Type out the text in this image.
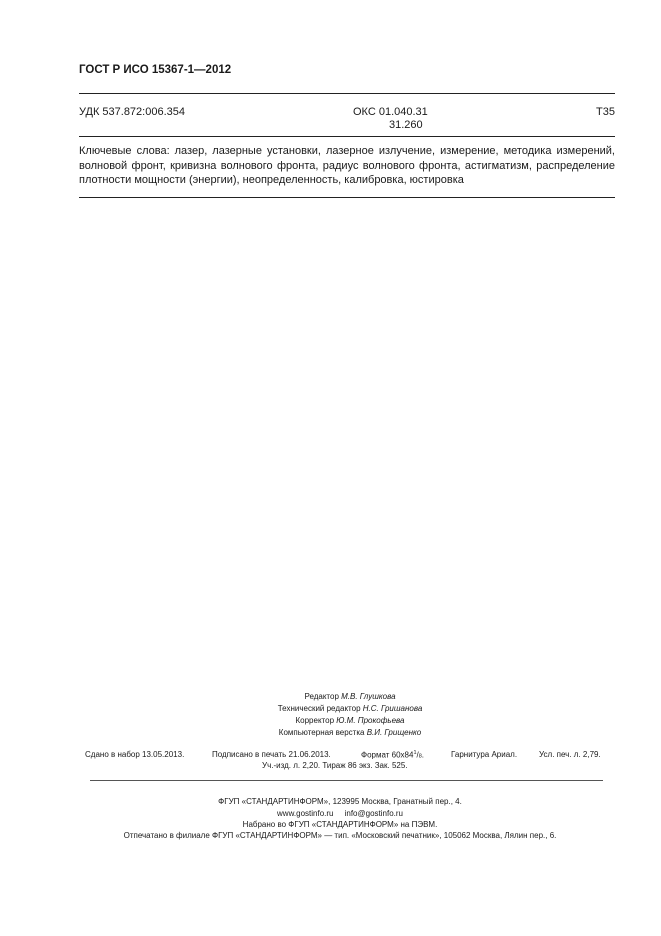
ГОСТ Р ИСО 15367-1—2012
УДК 537.872:006.354	ОКС 01.040.31
31.260
Т35
Ключевые слова: лазер, лазерные установки, лазерное излучение, измерение, методика измерений,
волновой фронт, кривизна волнового фронта, радиус волнового фронта, астигматизм, распределение
плотности мощности (энергии), неопределенность, калибровка, юстировка
Редактор М.В. Глушкова
Технический редактор Н.С. Гришанова
Корректор Ю.М. Прокофьева
Компьютерная верстка В.И. Грищенко
Сдано в набор 13.05.2013.	Подписано в печать 21.06.2013.	Формат $60х84^1/8$.	Гарнитура Ариал.	Усл. печ. л. 2,79.
Уч.-изд. л. 2,20. Тираж 86 экз. Зак. 525.
ФГУП «СТАНДАРТИНФОРМ», 123995 Москва, Гранатный пер., 4.
www.gostinfo.ru info@gostinfo.ru
Набрано во ФГУП «СТАНДАРТИНФОРМ» на ПЭВМ.
Отпечатано в филиале ФГУП «СТАНДАРТИНФОРМ» — тип. «Московский печатник», 105062 Москва, Лялин пер., 6.
